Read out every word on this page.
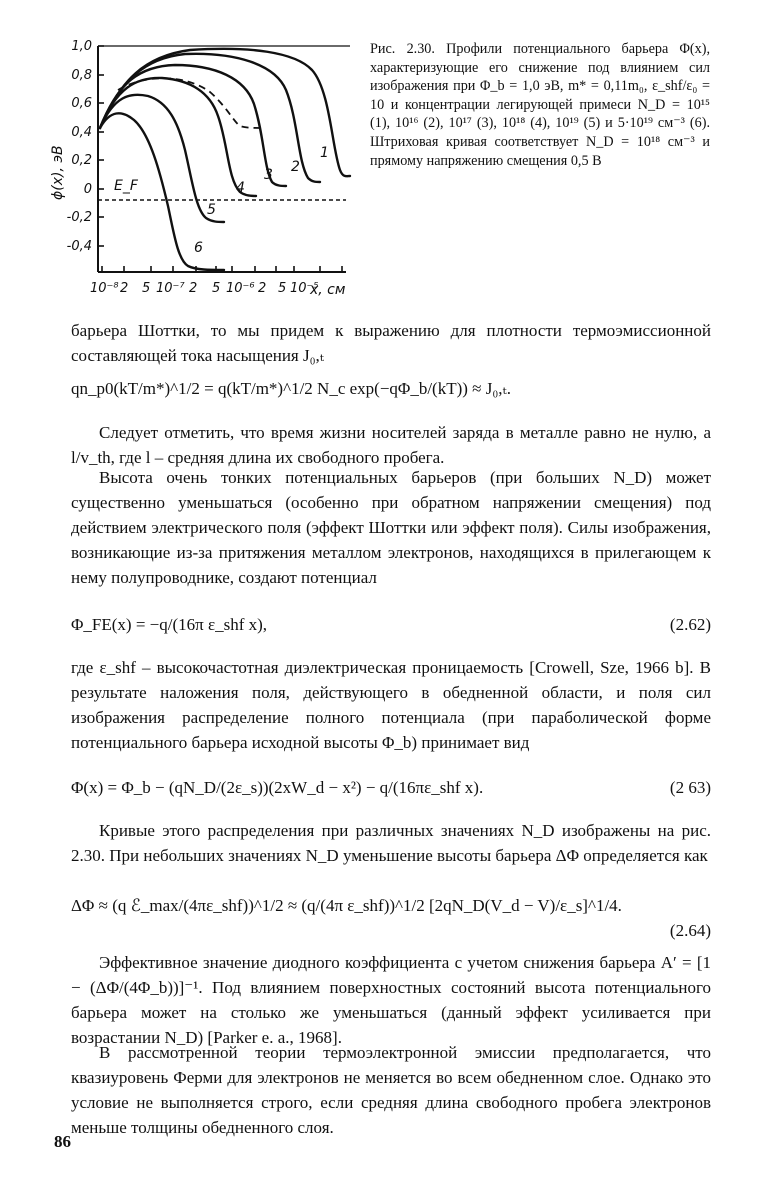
1,0
0,8
0,6
0,4
0,2
0
-0,2
-0,4
ϕ(x), эВ
10⁻⁸ 2 5 10⁻⁷ 2 5 10⁻⁶ 2 5 10⁻⁵
x, см
E_F
1
2
3
4
5
6
Рис. 2.30. Профили потенциального барьера Φ(x), характеризующие его снижение под влиянием сил изображения при Φ_b = 1,0 эВ, m* = 0,11m₀, ε_shf/ε₀ = 10 и концентрации легирующей примеси N_D = 10¹⁵ (1), 10¹⁶ (2), 10¹⁷ (3), 10¹⁸ (4), 10¹⁹ (5) и 5·10¹⁹ см⁻³ (6). Штриховая кривая соответствует N_D = 10¹⁸ см⁻³ и прямому напряжению смещения 0,5 В

барьера Шоттки, то мы придем к выражению для плотности термоэмиссионной составляющей тока насыщения J₀,ₜ

qn_p0(kT/m*)^1/2 = q(kT/m*)^1/2 N_c exp(−qΦ_b/(kT)) ≈ J₀,ₜ.

Следует отметить, что время жизни носителей заряда в металле равно не нулю, а l/v_th, где l – средняя длина их свободного пробега.

Высота очень тонких потенциальных барьеров (при больших N_D) может существенно уменьшаться (особенно при обратном напряжении смещения) под действием электрического поля (эффект Шоттки или эффект поля). Силы изображения, возникающие из-за притяжения металлом электронов, находящихся в прилегающем к нему полупроводнике, создают потенциал

Φ_FE(x) = −q/(16π ε_shf x),	(2.62)

где ε_shf – высокочастотная диэлектрическая проницаемость [Crowell, Sze, 1966 b]. В результате наложения поля, действующего в обедненной области, и поля сил изображения распределение полного потенциала (при параболической форме потенциального барьера исходной высоты Φ_b) принимает вид

Φ(x) = Φ_b − (qN_D/(2ε_s))(2xW_d − x²) − q/(16πε_shf x).	(2 63)

Кривые этого распределения при различных значениях N_D изображены на рис. 2.30. При небольших значениях N_D уменьшение высоты барьера ΔΦ определяется как

ΔΦ ≈ (q ℰ_max/(4πε_shf))^1/2 ≈ (q/(4π ε_shf))^1/2 [2qN_D(V_d − V)/ε_s]^1/4.
(2.64)

Эффективное значение диодного коэффициента с учетом снижения барьера A′ = [1 − (ΔΦ/(4Φ_b))]⁻¹. Под влиянием поверхностных состояний высота потенциального барьера может на столько же уменьшаться (данный эффект усиливается при возрастании N_D) [Parker e. a., 1968].

В рассмотренной теории термоэлектронной эмиссии предполагается, что квазиуровень Ферми для электронов не меняется во всем обедненном слое. Однако это условие не выполняется строго, если средняя длина свободного пробега электронов меньше толщины обедненного слоя.

86
